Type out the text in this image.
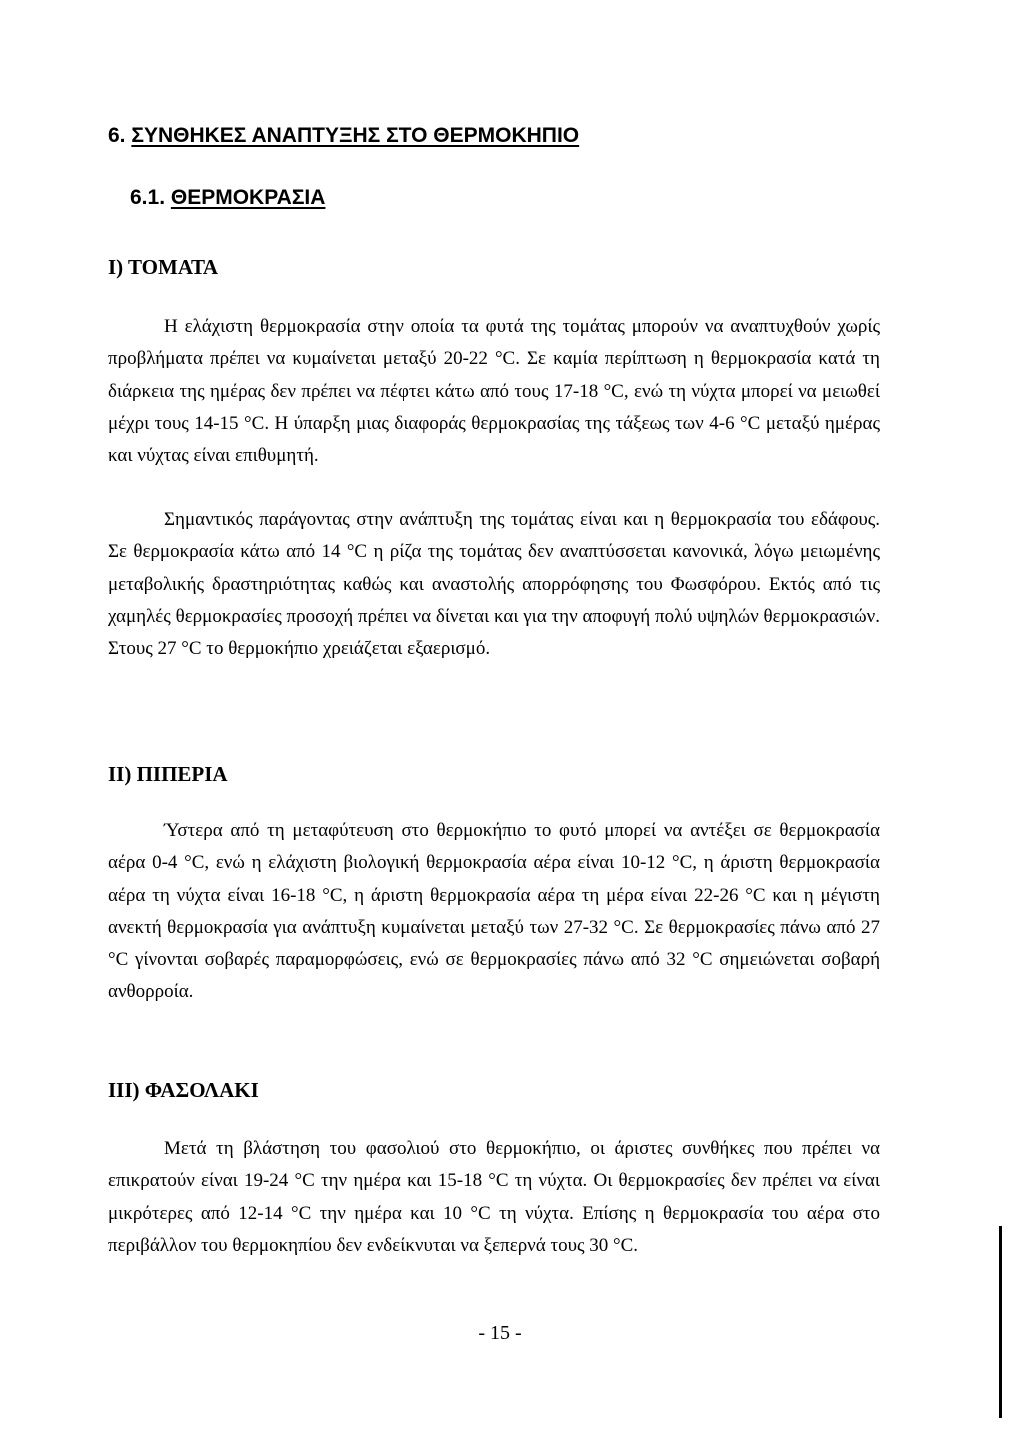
6. ΣΥΝΘΗΚΕΣ ΑΝΑΠΤΥΞΗΣ ΣΤΟ ΘΕΡΜΟΚΗΠΙΟ
6.1. ΘΕΡΜΟΚΡΑΣΙΑ
Ι) ΤΟΜΑΤΑ

Η ελάχιστη θερμοκρασία στην οποία τα φυτά της τομάτας μπορούν να αναπτυχθούν χωρίς προβλήματα πρέπει να κυμαίνεται μεταξύ 20-22 °C. Σε καμία περίπτωση η θερμοκρασία κατά τη διάρκεια της ημέρας δεν πρέπει να πέφτει κάτω από τους 17-18 °C, ενώ τη νύχτα μπορεί να μειωθεί μέχρι τους 14-15 °C. Η ύπαρξη μιας διαφοράς θερμοκρασίας της τάξεως των 4-6 °C μεταξύ ημέρας και νύχτας είναι επιθυμητή.

Σημαντικός παράγοντας στην ανάπτυξη της τομάτας είναι και η θερμοκρασία του εδάφους. Σε θερμοκρασία κάτω από 14 °C η ρίζα της τομάτας δεν αναπτύσσεται κανονικά, λόγω μειωμένης μεταβολικής δραστηριότητας καθώς και αναστολής απορρόφησης του Φωσφόρου. Εκτός από τις χαμηλές θερμοκρασίες προσοχή πρέπει να δίνεται και για την αποφυγή πολύ υψηλών θερμοκρασιών. Στους 27 °C το θερμοκήπιο χρειάζεται εξαερισμό.

ΙΙ) ΠΙΠΕΡΙΑ

Ύστερα από τη μεταφύτευση στο θερμοκήπιο το φυτό μπορεί να αντέξει σε θερμοκρασία αέρα 0-4 °C, ενώ η ελάχιστη βιολογική θερμοκρασία αέρα είναι 10-12 °C, η άριστη θερμοκρασία αέρα τη νύχτα είναι 16-18 °C, η άριστη θερμοκρασία αέρα τη μέρα είναι 22-26 °C και η μέγιστη ανεκτή θερμοκρασία για ανάπτυξη κυμαίνεται μεταξύ των 27-32 °C. Σε θερμοκρασίες πάνω από 27 °C γίνονται σοβαρές παραμορφώσεις, ενώ σε θερμοκρασίες πάνω από 32 °C σημειώνεται σοβαρή ανθορροία.

ΙΙΙ) ΦΑΣΟΛΑΚΙ

Μετά τη βλάστηση του φασολιού στο θερμοκήπιο, οι άριστες συνθήκες που πρέπει να επικρατούν είναι 19-24 °C την ημέρα και 15-18 °C τη νύχτα. Οι θερμοκρασίες δεν πρέπει να είναι μικρότερες από 12-14 °C την ημέρα και 10 °C τη νύχτα. Επίσης η θερμοκρασία του αέρα στο περιβάλλον του θερμοκηπίου δεν ενδείκνυται να ξεπερνά τους 30 °C.

- 15 -
